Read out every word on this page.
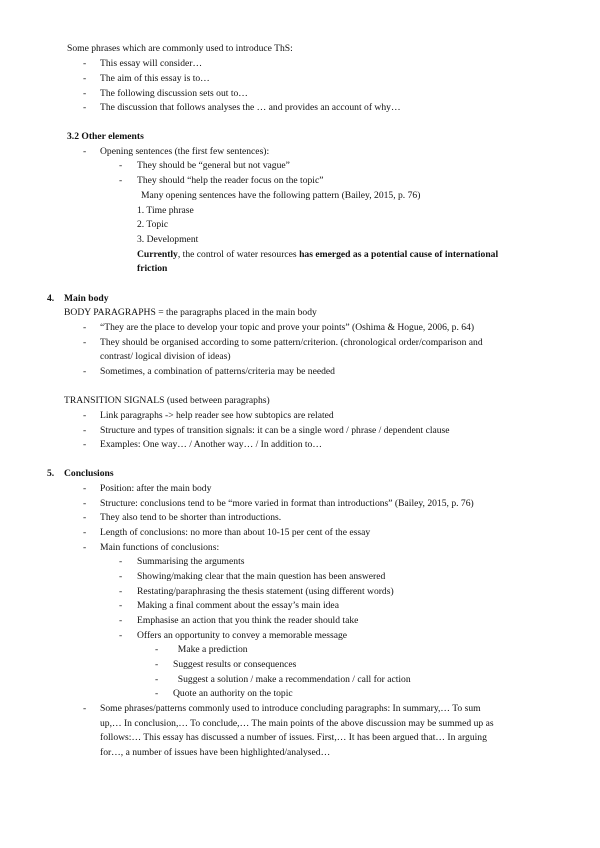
Some phrases which are commonly used to introduce ThS:
- This essay will consider…
- The aim of this essay is to…
- The following discussion sets out to…
- The discussion that follows analyses the … and provides an account of why…
3.2 Other elements
- Opening sentences (the first few sentences):
- They should be “general but not vague”
- They should “help the reader focus on the topic”
Many opening sentences have the following pattern (Bailey, 2015, p. 76)
1. Time phrase
2. Topic
3. Development
Currently, the control of water resources has emerged as a potential cause of international
friction
4. Main body
BODY PARAGRAPHS = the paragraphs placed in the main body
- “They are the place to develop your topic and prove your points” (Oshima & Hogue, 2006, p. 64)
- They should be organised according to some pattern/criterion. (chronological order/comparison and
contrast/ logical division of ideas)
- Sometimes, a combination of patterns/criteria may be needed
TRANSITION SIGNALS (used between paragraphs)
- Link paragraphs -> help reader see how subtopics are related
- Structure and types of transition signals: it can be a single word / phrase / dependent clause
- Examples: One way… / Another way… / In addition to…
5. Conclusions
- Position: after the main body
- Structure: conclusions tend to be “more varied in format than introductions” (Bailey, 2015, p. 76)
- They also tend to be shorter than introductions.
- Length of conclusions: no more than about 10-15 per cent of the essay
- Main functions of conclusions:
- Summarising the arguments
- Showing/making clear that the main question has been answered
- Restating/paraphrasing the thesis statement (using different words)
- Making a final comment about the essay’s main idea
- Emphasise an action that you think the reader should take
- Offers an opportunity to convey a memorable message
- Make a prediction
- Suggest results or consequences
- Suggest a solution / make a recommendation / call for action
- Quote an authority on the topic
- Some phrases/patterns commonly used to introduce concluding paragraphs: In summary,… To sum
up,… In conclusion,… To conclude,… The main points of the above discussion may be summed up as
follows:… This essay has discussed a number of issues. First,… It has been argued that… In arguing
for…, a number of issues have been highlighted/analysed…
